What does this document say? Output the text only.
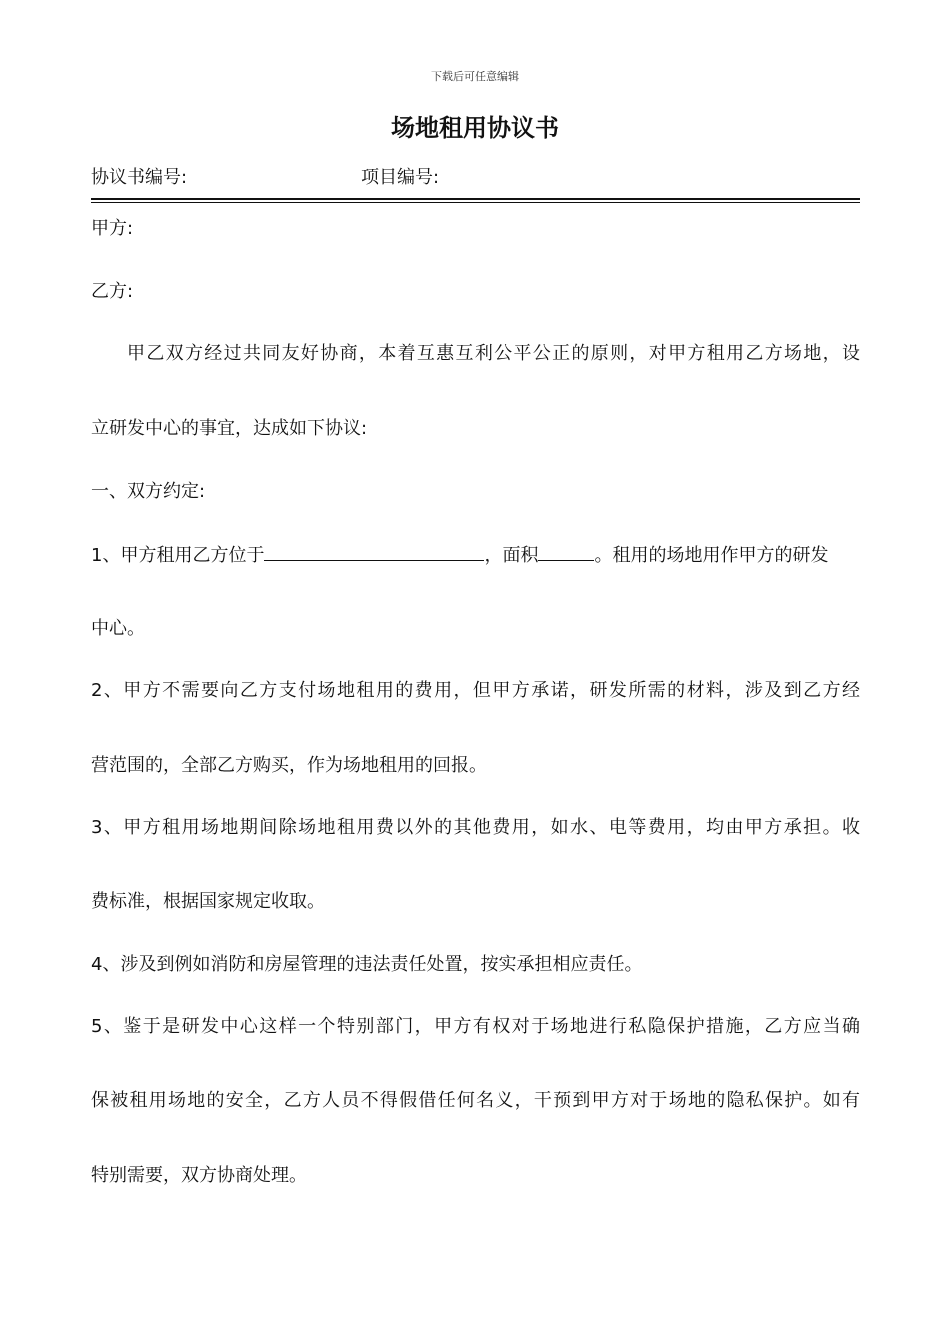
下载后可任意编辑
场地租用协议书
协议书编号:	项目编号:
甲方:
乙方:
甲乙双方经过共同友好协商，本着互惠互利公平公正的原则，对甲方租用乙方场地，设
立研发中心的事宜，达成如下协议:
一、双方约定:
1、甲方租用乙方位于	，面积	。租用的场地用作甲方的研发
中心。
2、甲方不需要向乙方支付场地租用的费用，但甲方承诺，研发所需的材料，涉及到乙方经
营范围的，全部乙方购买，作为场地租用的回报。
3、甲方租用场地期间除场地租用费以外的其他费用，如水、电等费用，均由甲方承担。收
费标准，根据国家规定收取。
4、涉及到例如消防和房屋管理的违法责任处置，按实承担相应责任。
5、鉴于是研发中心这样一个特别部门，甲方有权对于场地进行私隐保护措施，乙方应当确
保被租用场地的安全，乙方人员不得假借任何名义，干预到甲方对于场地的隐私保护。如有
特别需要，双方协商处理。
